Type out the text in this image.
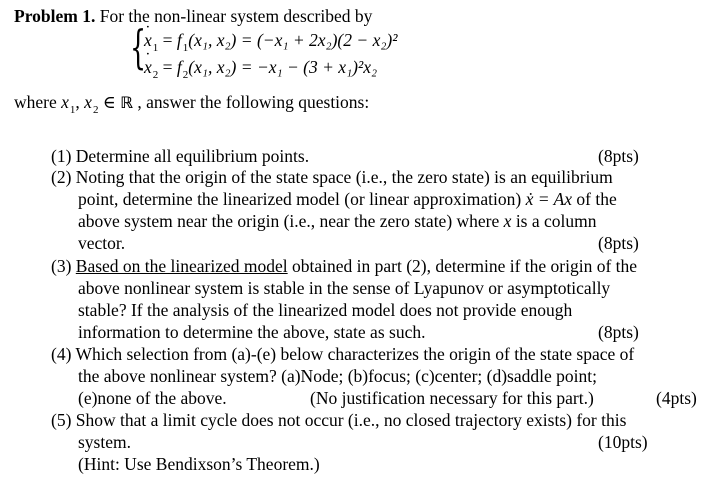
Problem 1. For the non-linear system described by
{
˙ $x_1 = f_1(x_1$, x₂) = (−x₁ + 2x₂)(2 − x₂)²
˙ $x_2 = f_2(x_1$, x₂) = −x₁ − (3 + x₁)²x₂
where $x_1$, $x_2$ ∈ ℝ , answer the following questions:
(1) Determine all equilibrium points.	(8pts)
(2) Noting that the origin of the state space (i.e., the zero state) is an equilibrium
point, determine the linearized model (or linear approximation) ẋ = Ax of the
above system near the origin (i.e., near the zero state) where x is a column
vector.	(8pts)
(3) Based on the linearized model obtained in part (2), determine if the origin of the
above nonlinear system is stable in the sense of Lyapunov or asymptotically
stable? If the analysis of the linearized model does not provide enough
information to determine the above, state as such.	(8pts)
(4) Which selection from (a)-(e) below characterizes the origin of the state space of
the above nonlinear system? (a)Node; (b)focus; (c)center; (d)saddle point;
(e)none of the above.	(No justification necessary for this part.)	(4pts)
(5) Show that a limit cycle does not occur (i.e., no closed trajectory exists) for this
system.	(10pts)
(Hint: Use Bendixson’s Theorem.)
